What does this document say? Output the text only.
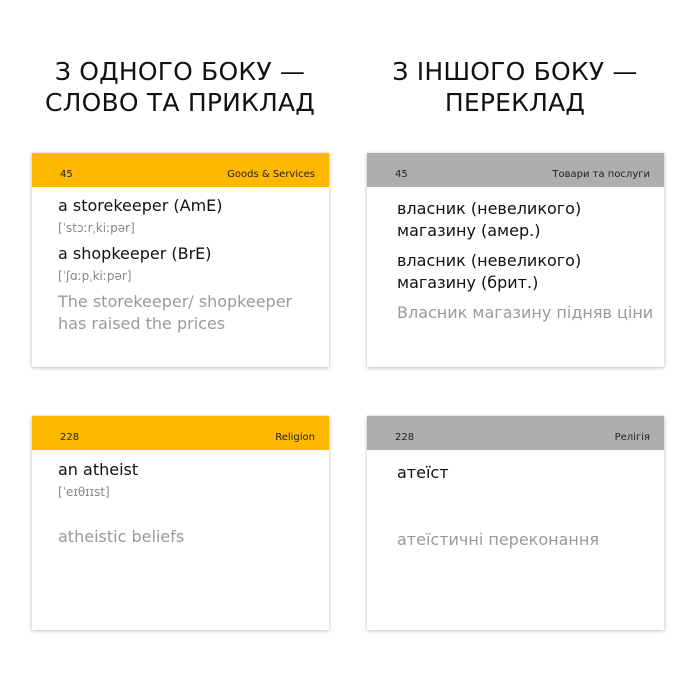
З ОДНОГО БОКУ —
СЛОВО ТА ПРИКЛАД
З ІНШОГО БОКУ —
ПЕРЕКЛАД
45	Goods & Services
a storekeeper (AmE)
[ˈstɔːrˌkiːpər]
a shopkeeper (BrE)
[ˈʃɑːpˌkiːpər]
The storekeeper/ shopkeeper
has raised the prices
45	Товари та послуги
власник (невеликого)
магазину (амер.)
власник (невеликого)
магазину (брит.)
Власник магазину підняв ціни
228	Religion
an atheist
[ˈeɪθɪɪst]
atheistic beliefs
228	Релігія
атеїст
атеїстичні переконання
